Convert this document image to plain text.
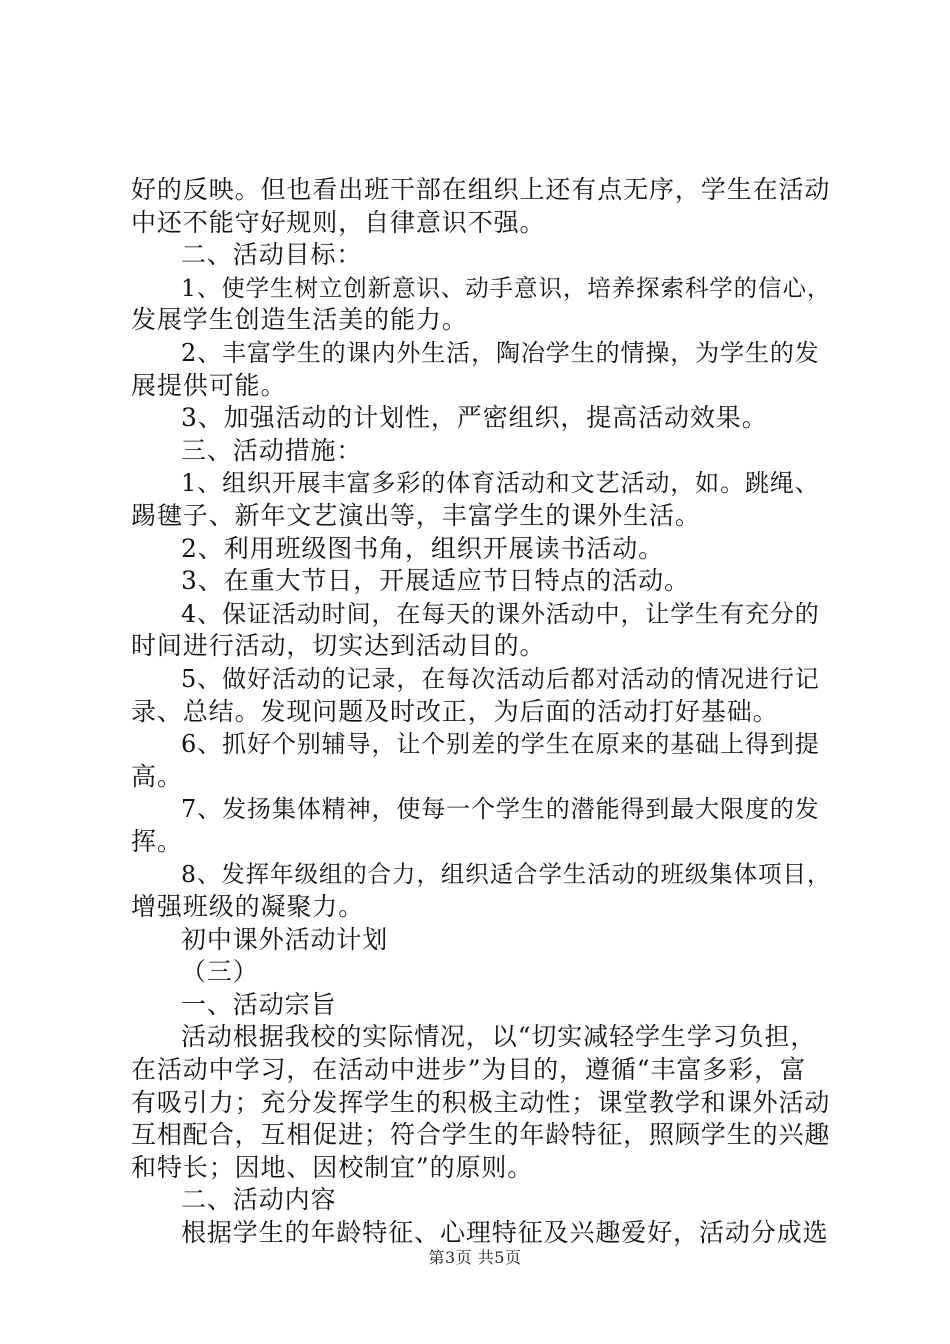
好的反映。但也看出班干部在组织上还有点无序，学生在活动
中还不能守好规则，自律意识不强。
二、活动目标：
1、使学生树立创新意识、动手意识，培养探索科学的信心，
发展学生创造生活美的能力。
2、丰富学生的课内外生活，陶冶学生的情操，为学生的发
展提供可能。
3、加强活动的计划性，严密组织，提高活动效果。
三、活动措施：
1、组织开展丰富多彩的体育活动和文艺活动，如。跳绳、
踢毽子、新年文艺演出等，丰富学生的课外生活。
2、利用班级图书角，组织开展读书活动。
3、在重大节日，开展适应节日特点的活动。
4、保证活动时间，在每天的课外活动中，让学生有充分的
时间进行活动，切实达到活动目的。
5、做好活动的记录，在每次活动后都对活动的情况进行记
录、总结。发现问题及时改正，为后面的活动打好基础。
6、抓好个别辅导，让个别差的学生在原来的基础上得到提
高。
7、发扬集体精神，使每一个学生的潜能得到最大限度的发
挥。
8、发挥年级组的合力，组织适合学生活动的班级集体项目，
增强班级的凝聚力。
初中课外活动计划
（三）
一、活动宗旨
活动根据我校的实际情况，以“切实减轻学生学习负担，
在活动中学习，在活动中进步”为目的，遵循“丰富多彩，富
有吸引力；充分发挥学生的积极主动性；课堂教学和课外活动
互相配合，互相促进；符合学生的年龄特征，照顾学生的兴趣
和特长；因地、因校制宜”的原则。
二、活动内容
根据学生的年龄特征、心理特征及兴趣爱好，活动分成选
第3页 共5页
